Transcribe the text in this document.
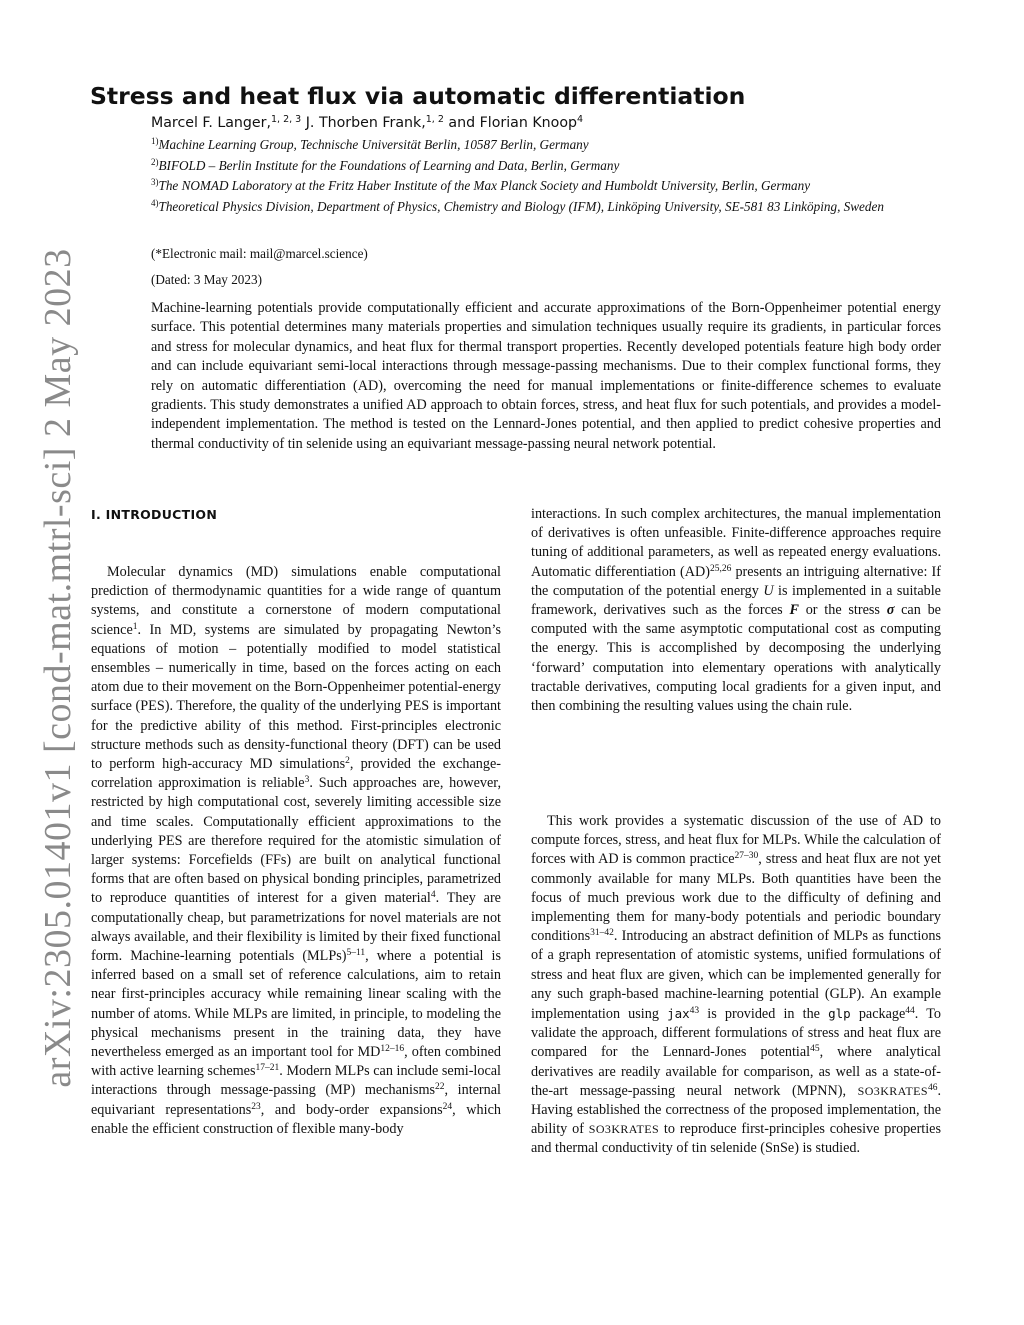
arXiv:2305.01401v1 [cond-mat.mtrl-sci] 2 May 2023
Stress and heat flux via automatic differentiation
Marcel F. Langer,$^{1, 2, 3}$ J. Thorben Frank,$^{1, 2}$ and Florian Knoop$^4$
$^{1)}$Machine Learning Group, Technische Universität Berlin, 10587 Berlin, Germany
$^{2)}$BIFOLD – Berlin Institute for the Foundations of Learning and Data, Berlin, Germany
$^{3)}$The NOMAD Laboratory at the Fritz Haber Institute of the Max Planck Society and Humboldt University, Berlin, Germany
$^{4)}$Theoretical Physics Division, Department of Physics, Chemistry and Biology (IFM), Linköping University, SE-581 83 Linköping, Sweden
(*Electronic mail: mail@marcel.science)
(Dated: 3 May 2023)

Machine-learning potentials provide computationally efficient and accurate approximations of the Born-Oppenheimer potential energy surface. This potential determines many materials properties and simulation techniques usually require its gradients, in particular forces and stress for molecular dynamics, and heat flux for thermal transport properties. Recently developed potentials feature high body order and can include equivariant semi-local interactions through message-passing mechanisms. Due to their complex functional forms, they rely on automatic differentiation (AD), overcoming the need for manual implementations or finite-difference schemes to evaluate gradients. This study demonstrates a unified AD approach to obtain forces, stress, and heat flux for such potentials, and provides a model-independent implementation. The method is tested on the Lennard-Jones potential, and then applied to predict cohesive properties and thermal conductivity of tin selenide using an equivariant message-passing neural network potential.

I. INTRODUCTION

Molecular dynamics (MD) simulations enable computational prediction of thermodynamic quantities for a wide range of quantum systems, and constitute a cornerstone of modern computational science$^1$. In MD, systems are simulated by propagating Newton’s equations of motion – potentially modified to model statistical ensembles – numerically in time, based on the forces acting on each atom due to their movement on the Born-Oppenheimer potential-energy surface (PES). Therefore, the quality of the underlying PES is important for the predictive ability of this method. First-principles electronic structure methods such as density-functional theory (DFT) can be used to perform high-accuracy MD simulations$^2$, provided the exchange-correlation approximation is reliable$^3$. Such approaches are, however, restricted by high computational cost, severely limiting accessible size and time scales. Computationally efficient approximations to the underlying PES are therefore required for the atomistic simulation of larger systems: Forcefields (FFs) are built on analytical functional forms that are often based on physical bonding principles, parametrized to reproduce quantities of interest for a given material$^4$. They are computationally cheap, but parametrizations for novel materials are not always available, and their flexibility is limited by their fixed functional form. Machine-learning potentials (MLPs)$^{5-11}$, where a potential is inferred based on a small set of reference calculations, aim to retain near first-principles accuracy while remaining linear scaling with the number of atoms. While MLPs are limited, in principle, to modeling the physical mechanisms present in the training data, they have nevertheless emerged as an important tool for MD$^{12-16}$, often combined with active learning schemes$^{17-21}$. Modern MLPs can include semi-local interactions through message-passing (MP) mechanisms$^{22}$, internal equivariant representations$^{23}$, and body-order expansions$^{24}$, which enable the efficient construction of flexible many-body

interactions. In such complex architectures, the manual implementation of derivatives is often unfeasible. Finite-difference approaches require tuning of additional parameters, as well as repeated energy evaluations. Automatic differentiation (AD)$^{25,26}$ presents an intriguing alternative: If the computation of the potential energy U is implemented in a suitable framework, derivatives such as the forces F or the stress σ can be computed with the same asymptotic computational cost as computing the energy. This is accomplished by decomposing the underlying ‘forward’ computation into elementary operations with analytically tractable derivatives, computing local gradients for a given input, and then combining the resulting values using the chain rule.

This work provides a systematic discussion of the use of AD to compute forces, stress, and heat flux for MLPs. While the calculation of forces with AD is common practice$^{27-30}$, stress and heat flux are not yet commonly available for many MLPs. Both quantities have been the focus of much previous work due to the difficulty of defining and implementing them for many-body potentials and periodic boundary conditions$^{31-42}$. Introducing an abstract definition of MLPs as functions of a graph representation of atomistic systems, unified formulations of stress and heat flux are given, which can be implemented generally for any such graph-based machine-learning potential (GLP). An example implementation using jax$^{43}$ is provided in the glp package$^{44}$. To validate the approach, different formulations of stress and heat flux are compared for the Lennard-Jones potential$^{45}$, where analytical derivatives are readily available for comparison, as well as a state-of-the-art message-passing neural network (MPNN), SO3KRATES$^{46}$. Having established the correctness of the proposed implementation, the ability of SO3KRATES to reproduce first-principles cohesive properties and thermal conductivity of tin selenide (SnSe) is studied.
